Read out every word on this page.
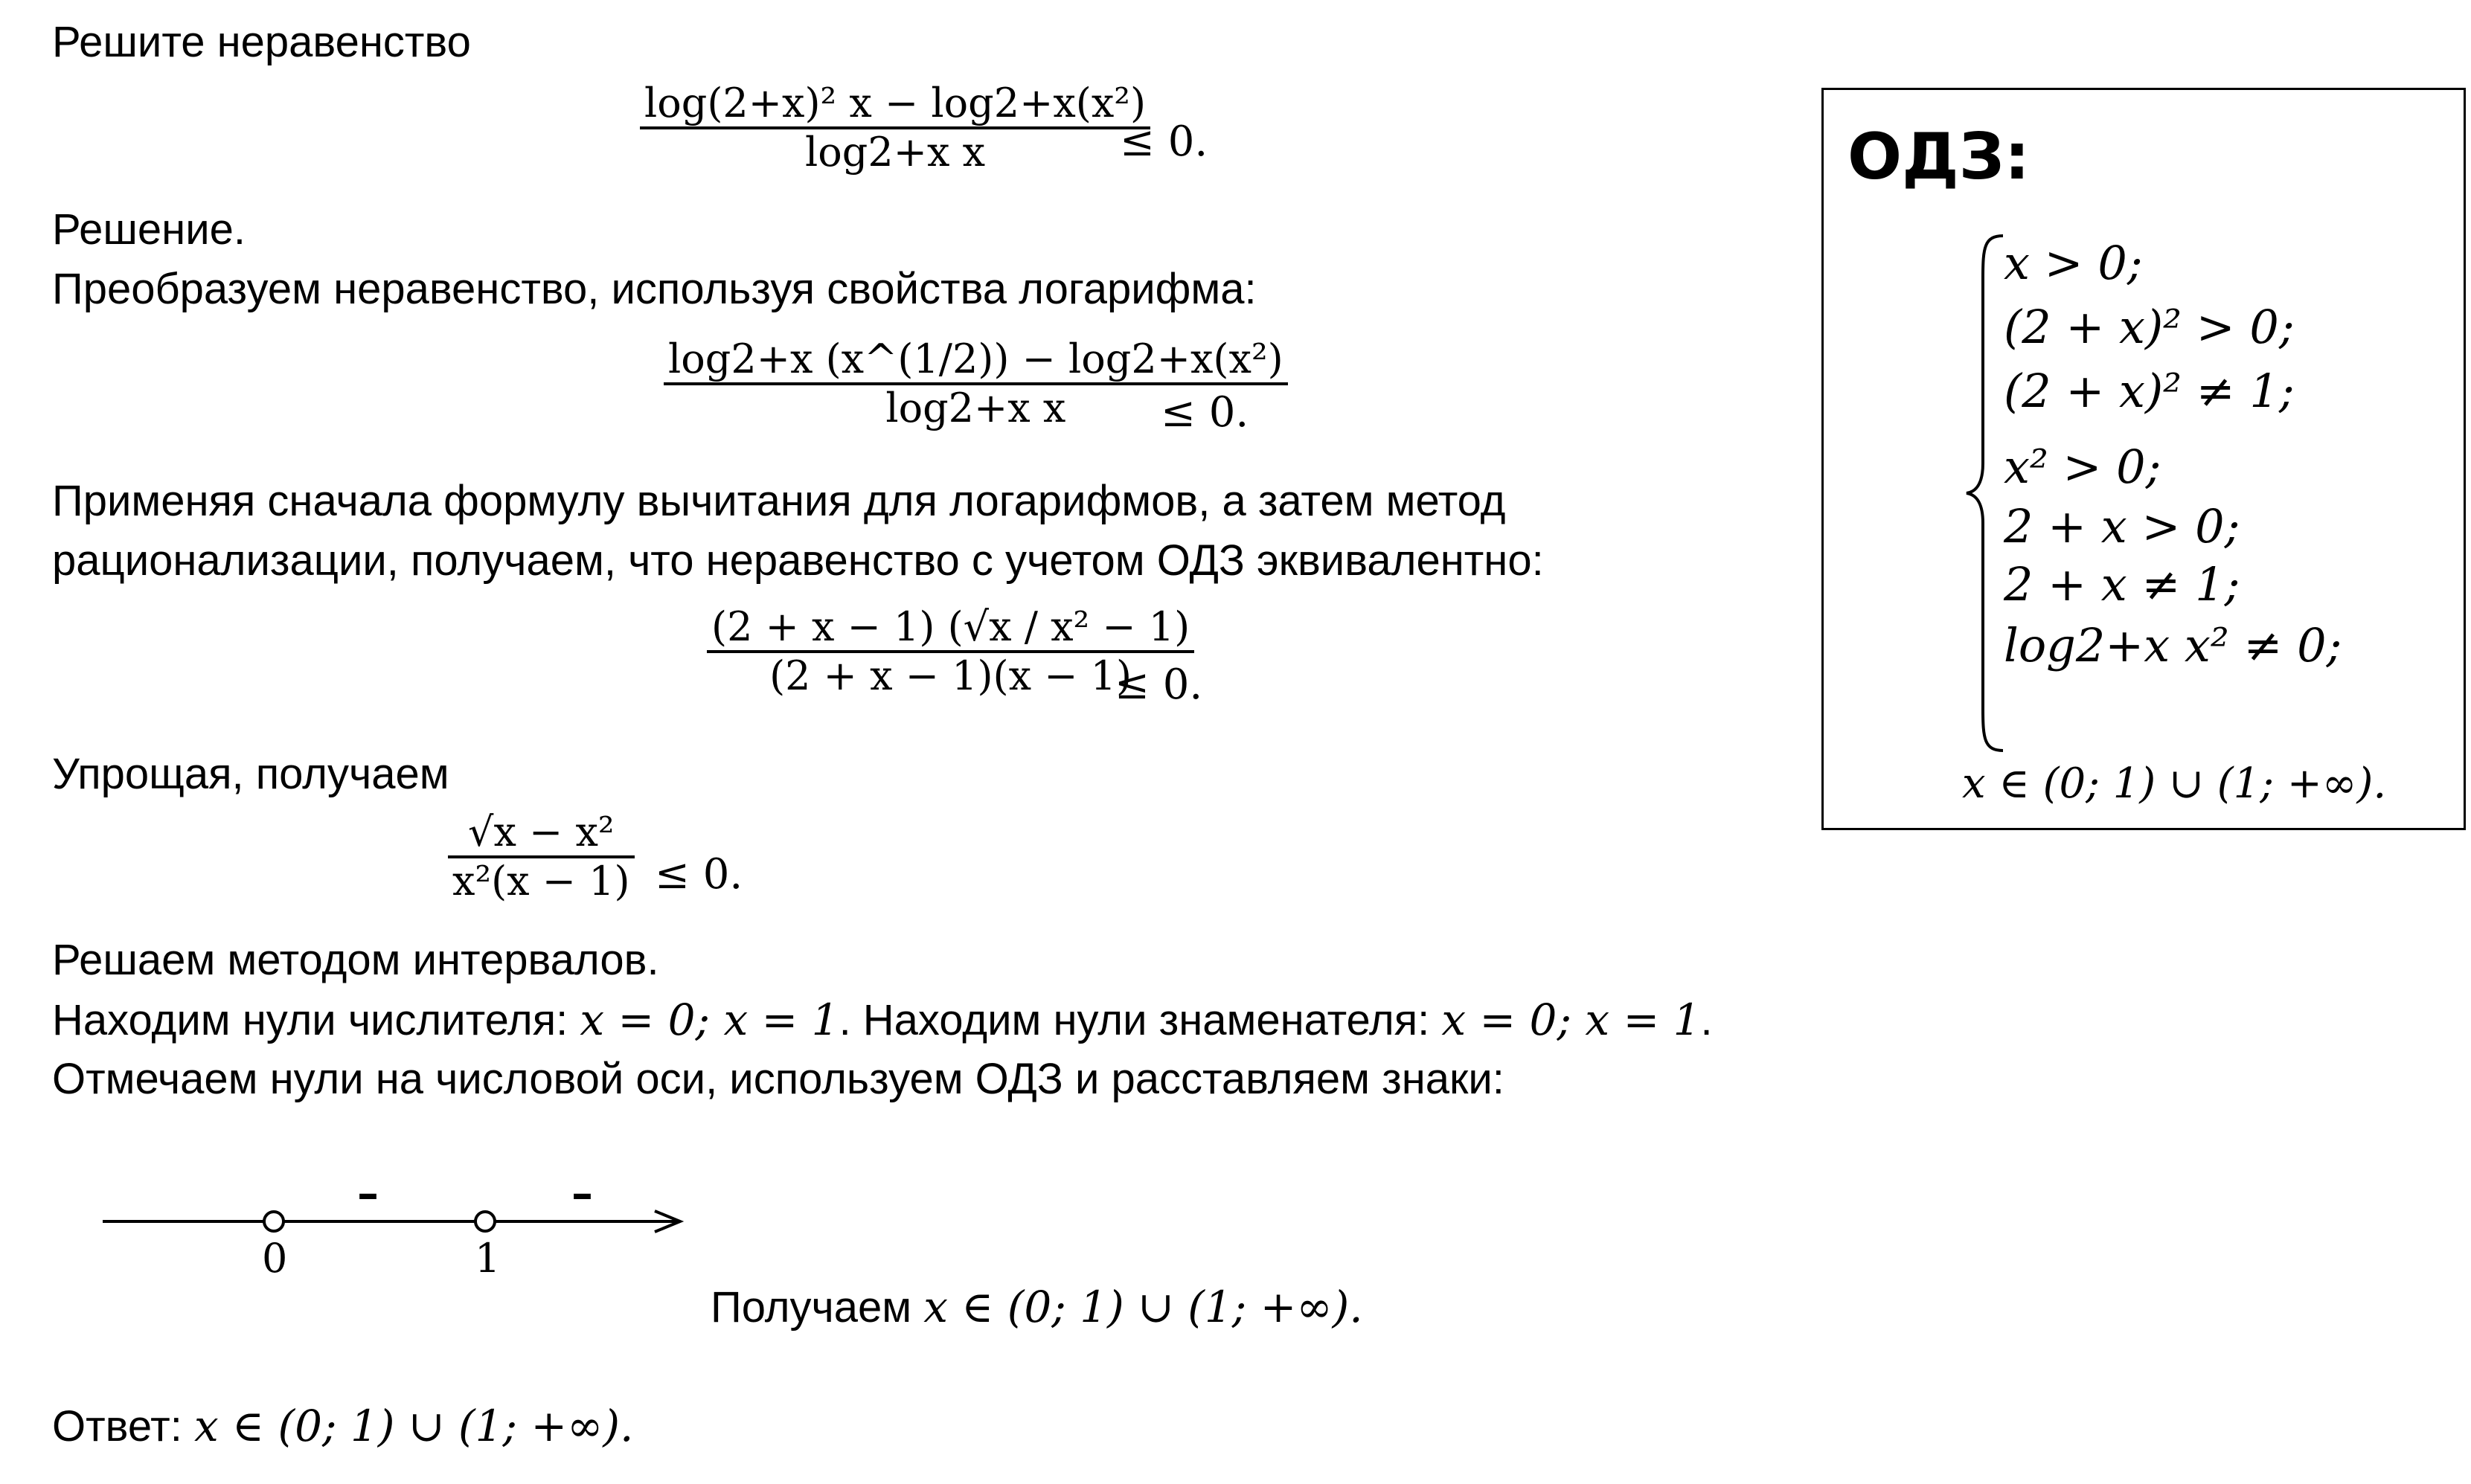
Решите неравенство
log(2+x)² x − log2+x(x²)
log2+x x	≤ 0.
Решение.
Преобразуем неравенство, используя свойства логарифма:
log2+x (x^(1/2)) − log2+x(x²)
log2+x x ≤ 0.
Применяя сначала формулу вычитания для логарифмов, а затем метод
рационализации, получаем, что неравенство с учетом ОДЗ эквивалентно:
(2 + x − 1) (√x / x² − 1)
(2 + x − 1)(x − 1)
≤ 0.
Упрощая, получаем
√x − x²
x²(x − 1) ≤ 0.
Решаем методом интервалов.
Находим нули числителя: x = 0; x = 1. Находим нули знаменателя: x = 0; x = 1.
Отмечаем нули на числовой оси, используем ОДЗ и расставляем знаки:
0	1
–	–
Получаем x ∈ (0; 1) ∪ (1; +∞).
Ответ: x ∈ (0; 1) ∪ (1; +∞).
ОДЗ:
x > 0;
(2 + x)² > 0;
(2 + x)² ≠ 1;
x² > 0;
2 + x > 0;
2 + x ≠ 1;
log2+x x² ≠ 0;
x ∈ (0; 1) ∪ (1; +∞).
